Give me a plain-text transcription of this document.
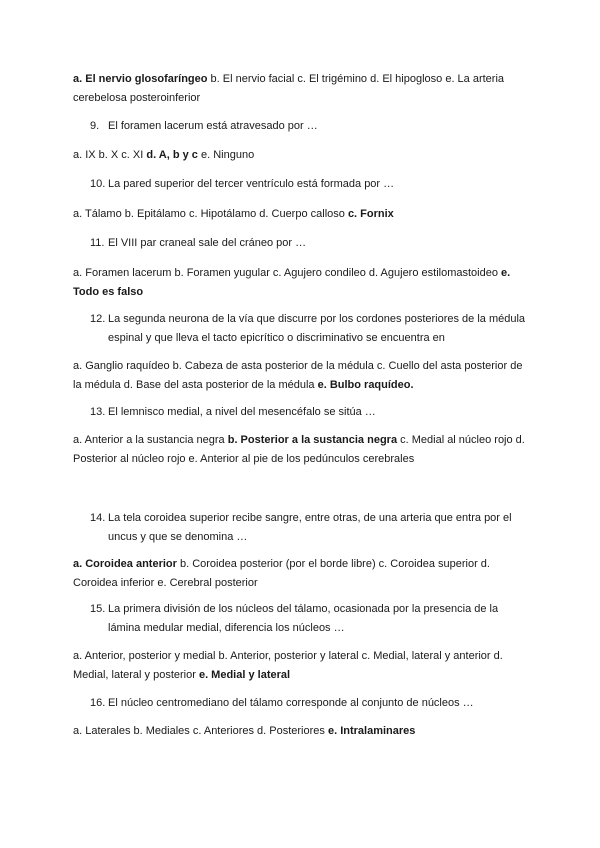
a. El nervio glosofaríngeo b. El nervio facial c. El trigémino d. El hipogloso e. La arteria cerebelosa posteroinferior

9. El foramen lacerum está atravesado por …

a. IX b. X c. XI d. A, b y c e. Ninguno

10. La pared superior del tercer ventrículo está formada por …

a. Tálamo b. Epitálamo c. Hipotálamo d. Cuerpo calloso c. Fornix

11. El VIII par craneal sale del cráneo por …

a. Foramen lacerum b. Foramen yugular c. Agujero condileo d. Agujero estilomastoideo e. Todo es falso

12. La segunda neurona de la vía que discurre por los cordones posteriores de la médula espinal y que lleva el tacto epicrítico o discriminativo se encuentra en

a. Ganglio raquídeo b. Cabeza de asta posterior de la médula c. Cuello del asta posterior de la médula d. Base del asta posterior de la médula e. Bulbo raquídeo.

13. El lemnisco medial, a nivel del mesencéfalo se sitúa …

a. Anterior a la sustancia negra b. Posterior a la sustancia negra c. Medial al núcleo rojo d. Posterior al núcleo rojo e. Anterior al pie de los pedúnculos cerebrales

14. La tela coroidea superior recibe sangre, entre otras, de una arteria que entra por el uncus y que se denomina …

a. Coroidea anterior b. Coroidea posterior (por el borde libre) c. Coroidea superior d. Coroidea inferior e. Cerebral posterior

15. La primera división de los núcleos del tálamo, ocasionada por la presencia de la lámina medular medial, diferencia los núcleos …

a. Anterior, posterior y medial b. Anterior, posterior y lateral c. Medial, lateral y anterior d. Medial, lateral y posterior e. Medial y lateral

16. El núcleo centromediano del tálamo corresponde al conjunto de núcleos …

a. Laterales b. Mediales c. Anteriores d. Posteriores e. Intralaminares
